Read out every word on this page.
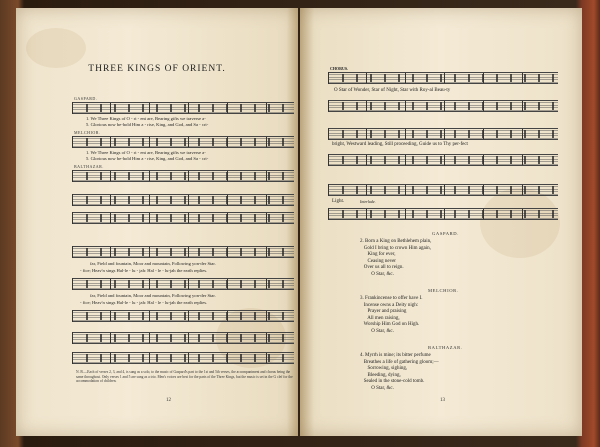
THREE KINGS OF ORIENT.
GASPARD.
1. We Three Kings of O - ri - ent are, Bearing gifts we traverse a-
5. Glorious now be-hold Him a - rise, King, and God, and Sa - cri-
MELCHIOR.
1. We Three Kings of O - ri - ent are, Bearing gifts we traverse a-
5. Glorious now be-hold Him a - rise, King, and God, and Sa - cri-
BALTHAZAR.
far, Field and fountain, Moor and mountain, Following yon-der Star.
- fice; Heav'n sings Hal-le - lu - jah: Hal - le - lu-jah the earth replies.
far, Field and fountain, Moor and mountain, Following yon-der Star.
- fice; Heav'n sings Hal-le - lu - jah: Hal - le - lu-jah the earth replies.
N. B.—Each of verses 2, 3, and 4, is sung as a solo, to the music of Gaspard's part to the 1st and 5th verses, the accompaniment and chorus being the same throughout. Only verses 1 and 5 are sung as a trio. Men's voices are best for the parts of the Three Kings, but the music is set in the G clef for the accommodation of children.
12
CHORUS.
O Star of Wonder, Star of Night, Star with Roy-al Beau-ty
bright, Westward leading, Still proceeding, Guide us to Thy per-fect
Light.	Interlude.
GASPARD.
2. Born a King on Bethlehem plain,
Gold I bring to crown Him again,
King for ever,
Ceasing never
Over us all to reign.
O Star, &c.
MELCHIOR.
3. Frankincense to offer have I.
Incense owns a Deity nigh:
Prayer and praising
All men raising,
Worship Him God on High.
O Star, &c.
BALTHAZAR.
4. Myrrh is mine; its bitter perfume
Breathes a life of gathering gloom;—
Sorrowing, sighing,
Bleeding, dying,
Sealed in the stone-cold tomb.
O Star, &c.
13
